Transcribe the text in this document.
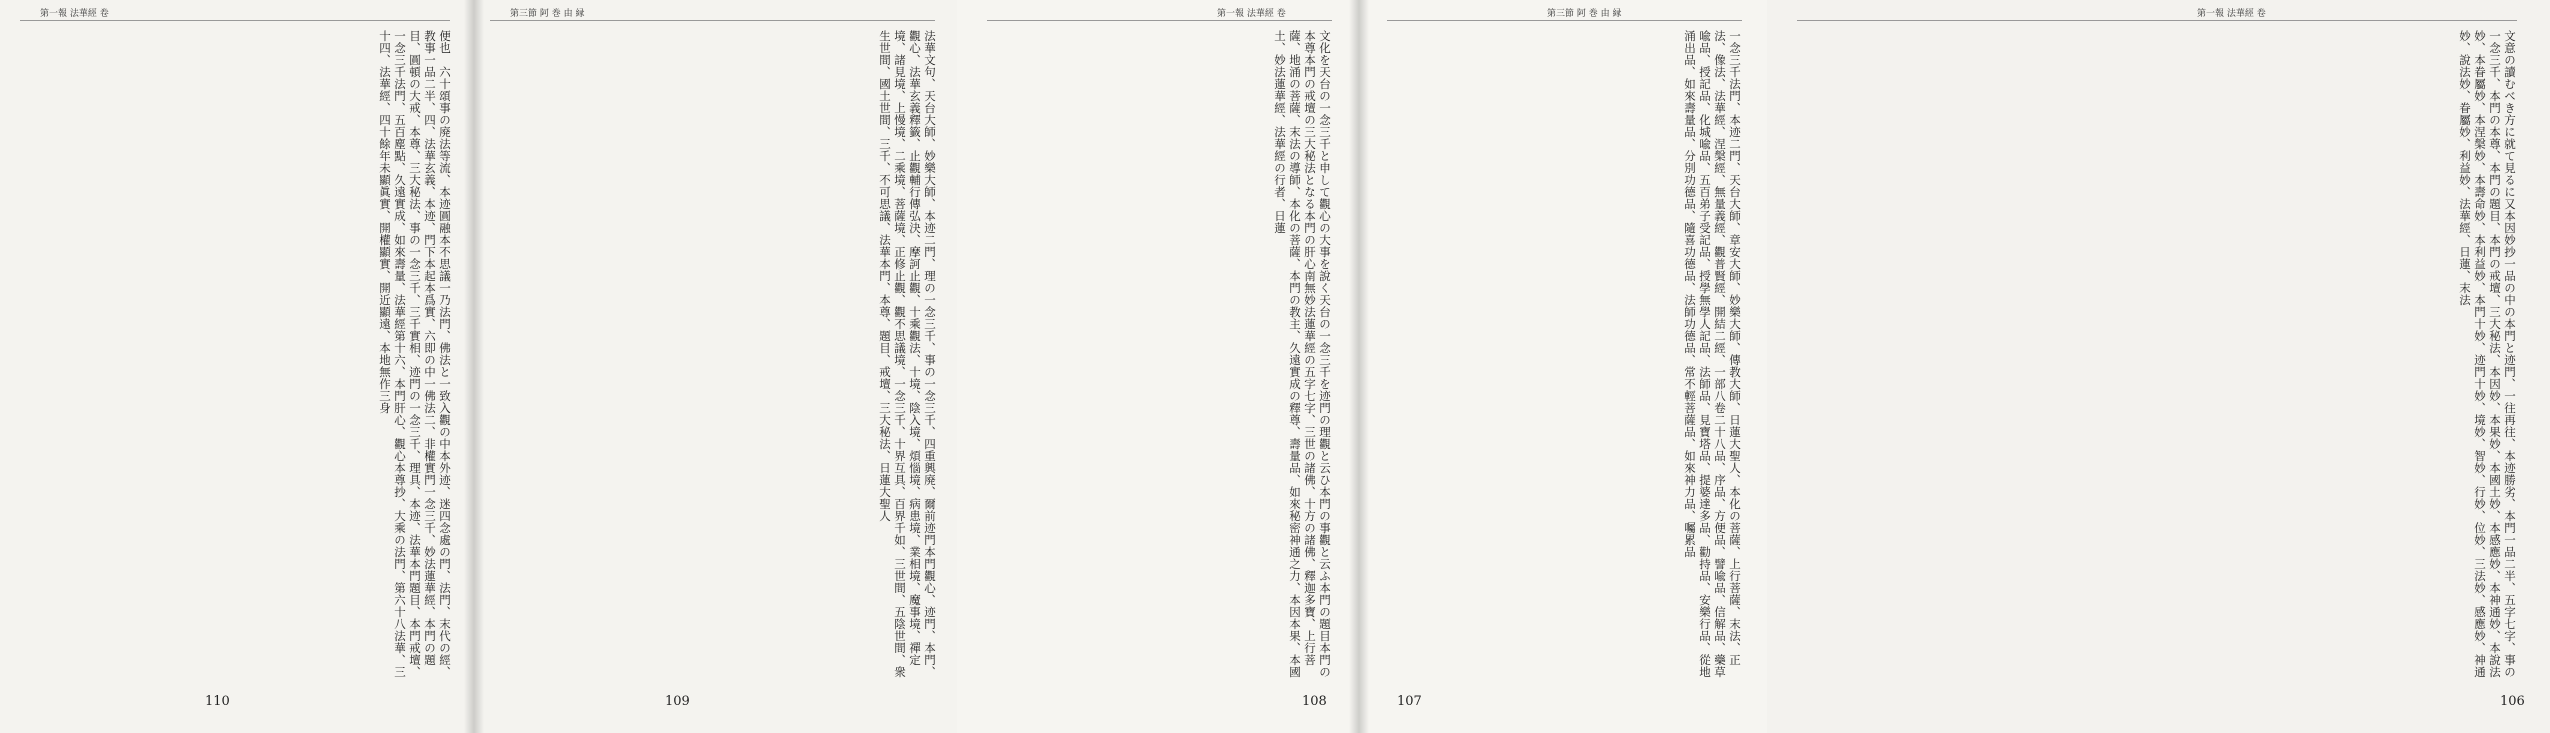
第一報 法華經 卷	第三節 阿 巻 由 縁

便也　六十頌事の廃法等流、本迹圓融本不思議一乃法門、佛法と一致入觀の中本外迹、迷四念處の門、法門、末代の經、教事一品二半、四、法華玄義、本迹、門下本起本爲實、六即の中一佛法二、非權實門一念三千、妙法蓮華經、本門の題目、圓頓の大戒、本尊、三大秘法、事の一念三千、三千實相、迹門の一念三千、理具、本迹、法華本門題目、本門戒壇、一念三千法門、五百塵點、久遠實成、如來壽量、法華經第十六、本門肝心、觀心本尊抄、大乘の法門、第六十八法華、三十四、法華經、四十餘年未顯眞實、開權顯實、開近顯遠、本地無作三身	法華文句、天台大師、妙樂大師、本迹二門、理の一念三千、事の一念三千、四重興廃、爾前迹門本門觀心、迹門、本門、觀心、法華玄義釋籤、止觀輔行傳弘決、摩訶止觀、十乘觀法、十境、陰入境、煩惱境、病患境、業相境、魔事境、禪定境、諸見境、上慢境、二乘境、菩薩境、正修止觀、觀不思議境、一念三千、十界互具、百界千如、三世間、五陰世間、衆生世間、國土世間、三千、不可思議、法華本門、本尊、題目、戒壇、三大秘法、日蓮大聖人

110	109
第一報 法華經 卷	第三節 阿 巻 由 縁

文化を天台の一念三千と申して觀心の大事を說く天台の一念三千を迹門の理觀と云ひ本門の事觀と云ふ本門の題目本門の本尊本門の戒壇の三大秘法となる本門の肝心南無妙法蓮華經の五字七字、三世の諸佛、十方の諸佛、釋迦多寶、上行菩薩、地涌の菩薩、末法の導師、本化の菩薩、本門の教主、久遠實成の釋尊、壽量品、如來秘密神通之力、本因本果、本國土、妙法蓮華經、法華經の行者、日蓮	一念三千法門、本迹二門、天台大師、章安大師、妙樂大師、傳教大師、日蓮大聖人、本化の菩薩、上行菩薩、末法、正法、像法、法華經、涅槃經、無量義經、觀普賢經、開結二經、一部八卷二十八品、序品、方便品、譬喩品、信解品、藥草喩品、授記品、化城喩品、五百弟子受記品、授學無學人記品、法師品、見寶塔品、提婆達多品、勸持品、安樂行品、從地涌出品、如來壽量品、分別功德品、隨喜功德品、法師功德品、常不輕菩薩品、如來神力品、囑累品

108	107
第一報 法華經 卷

文意の讀むべき方に就て見るに又本因妙抄一品の中の本門と迹門、一往再往、本迹勝劣、本門一品二半、五字七字、事の一念三千、本門の本尊、本門の題目、本門の戒壇、三大秘法、本因妙、本果妙、本國土妙、本感應妙、本神通妙、本說法妙、本眷屬妙、本涅槃妙、本壽命妙、本利益妙、本門十妙、迹門十妙、境妙、智妙、行妙、位妙、三法妙、感應妙、神通妙、說法妙、眷屬妙、利益妙、法華經、日蓮、末法

106
